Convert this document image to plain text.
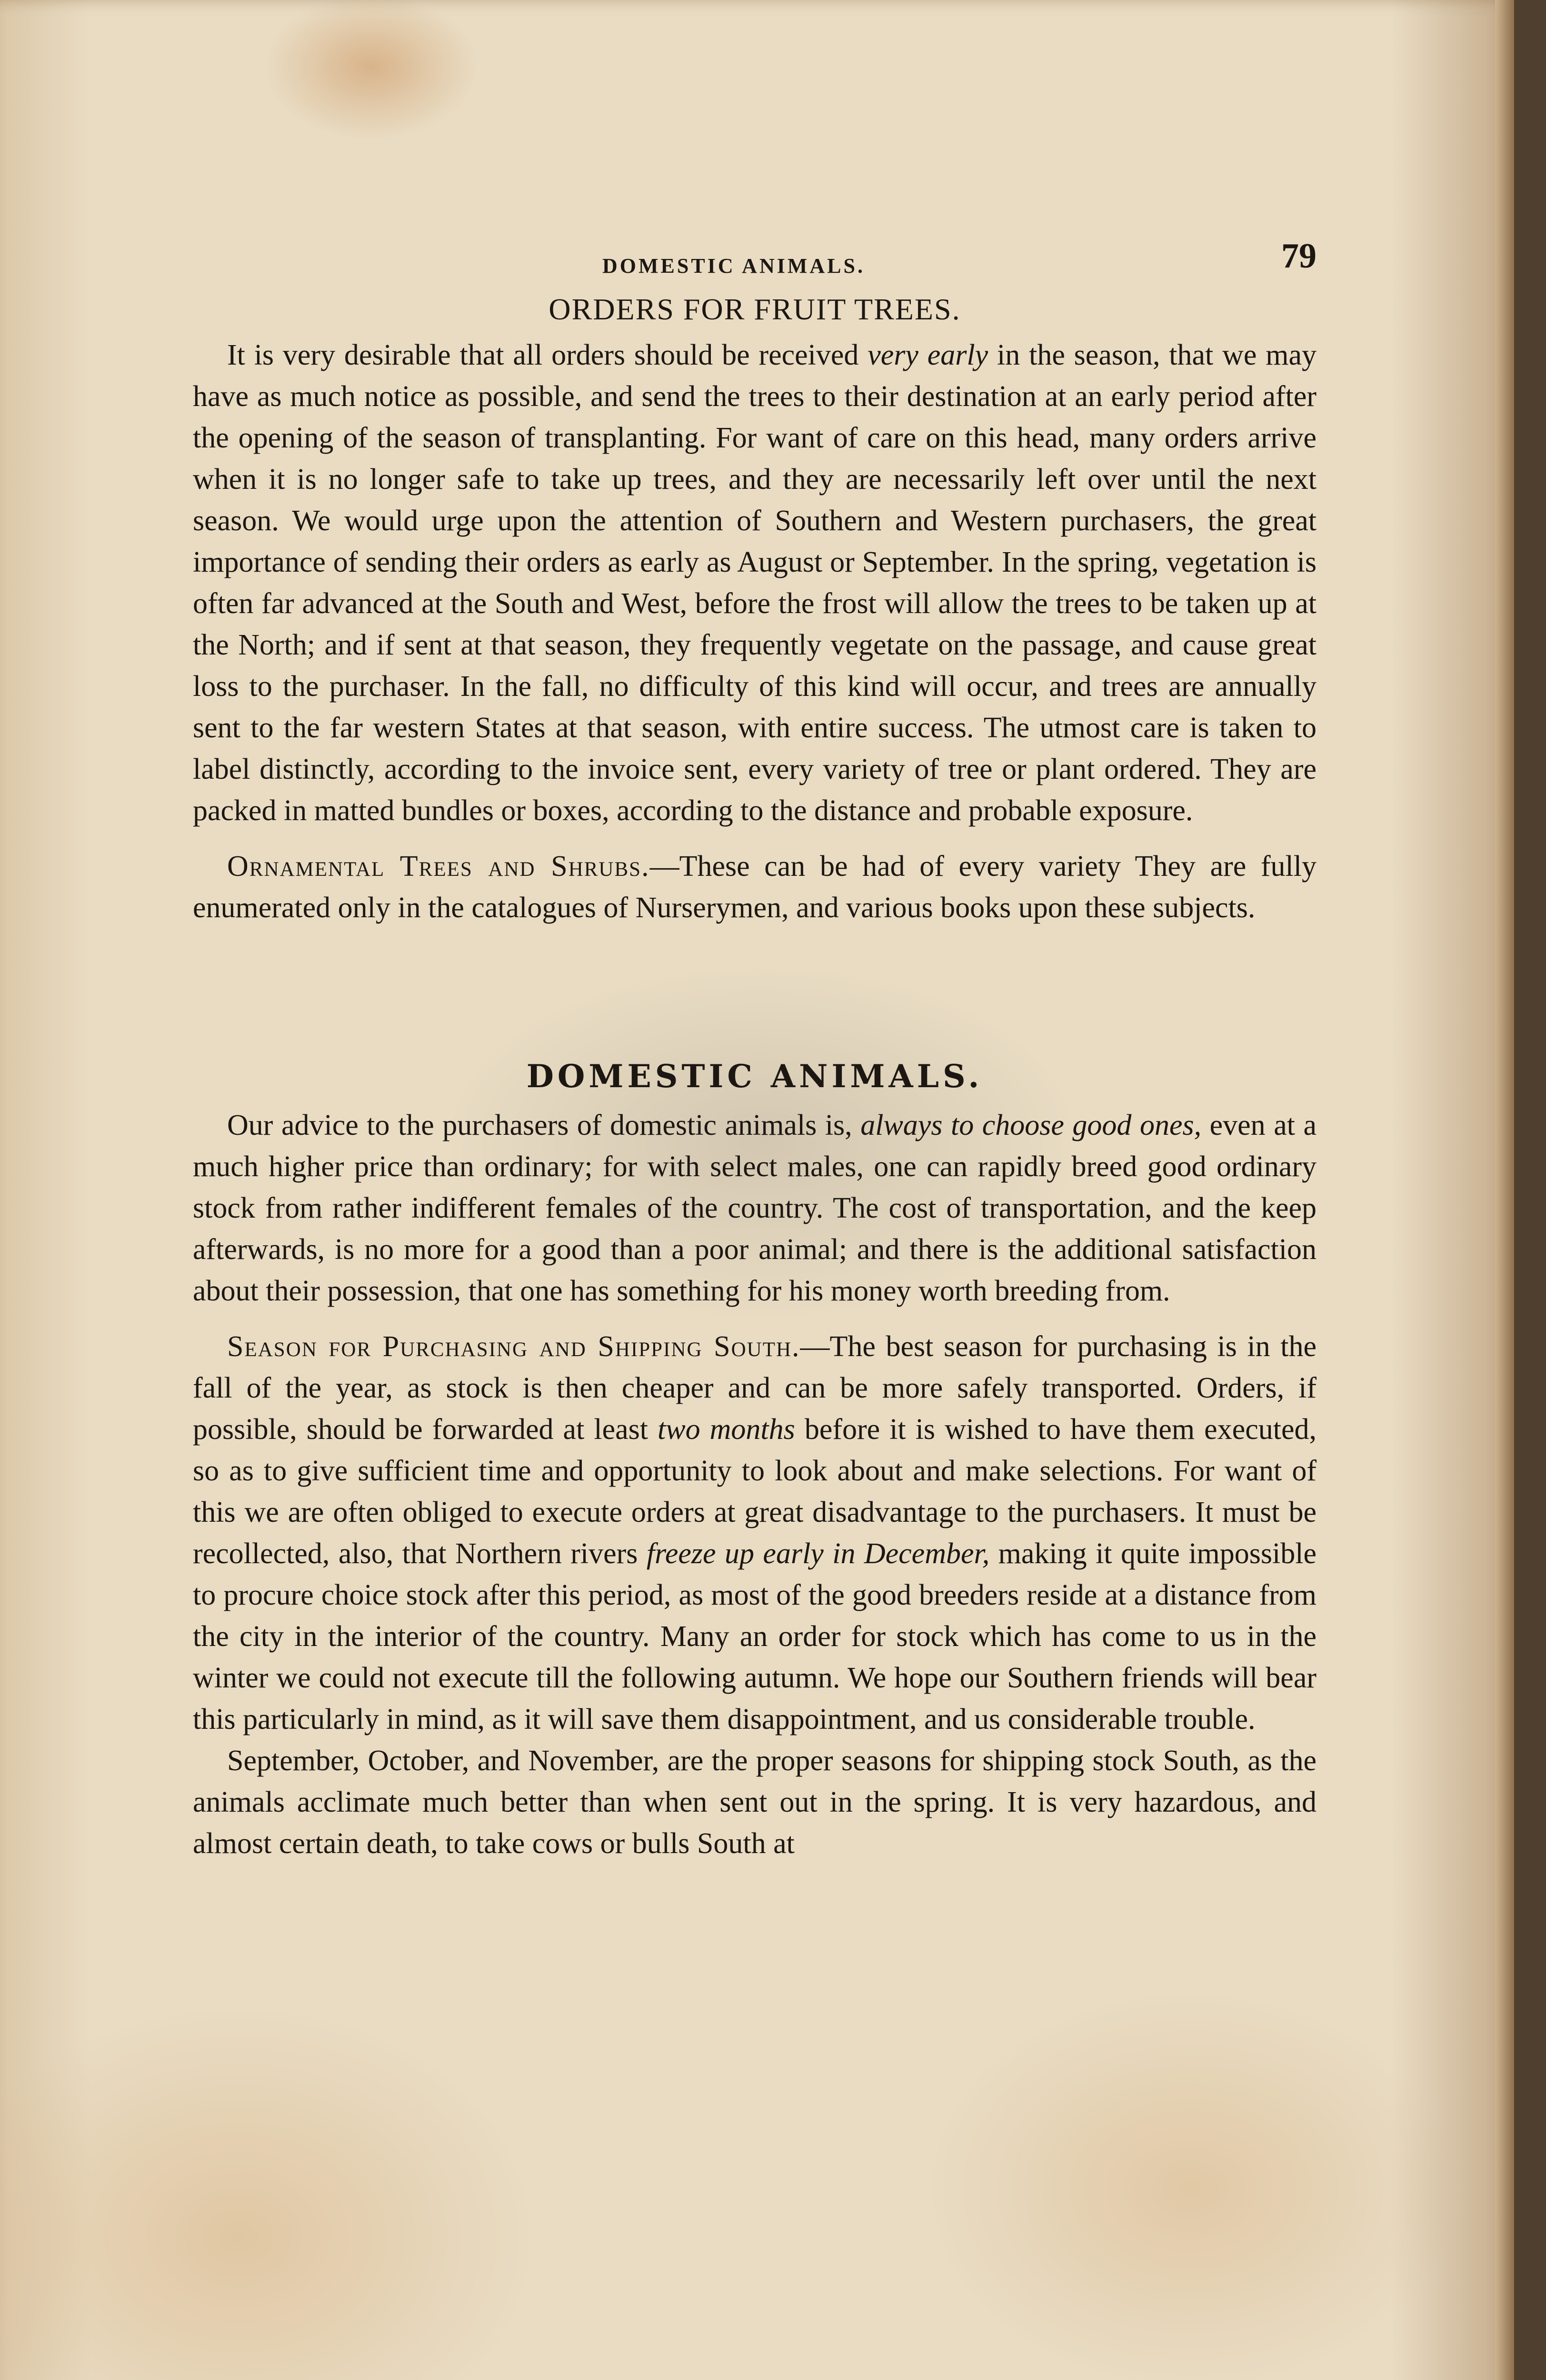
DOMESTIC ANIMALS.	79
ORDERS FOR FRUIT TREES.

It is very desirable that all orders should be received very early in the season, that we may have as much notice as possible, and send the trees to their destination at an early period after the opening of the season of transplanting. For want of care on this head, many orders arrive when it is no longer safe to take up trees, and they are necessarily left over until the next season. We would urge upon the attention of Southern and Western purchasers, the great importance of sending their orders as early as August or September. In the spring, vegetation is often far advanced at the South and West, before the frost will allow the trees to be taken up at the North; and if sent at that season, they frequently vegetate on the passage, and cause great loss to the purchaser. In the fall, no difficulty of this kind will occur, and trees are annually sent to the far western States at that season, with entire success. The utmost care is taken to label distinctly, according to the invoice sent, every variety of tree or plant ordered. They are packed in matted bundles or boxes, according to the distance and probable exposure.

Ornamental Trees and Shrubs.—These can be had of every variety They are fully enumerated only in the catalogues of Nurserymen, and various books upon these subjects.

DOMESTIC ANIMALS.

Our advice to the purchasers of domestic animals is, always to choose good ones, even at a much higher price than ordinary; for with select males, one can rapidly breed good ordinary stock from rather indifferent females of the country. The cost of transportation, and the keep afterwards, is no more for a good than a poor animal; and there is the additional satisfaction about their possession, that one has something for his money worth breeding from.

Season for Purchasing and Shipping South.—The best season for purchasing is in the fall of the year, as stock is then cheaper and can be more safely transported. Orders, if possible, should be forwarded at least two months before it is wished to have them executed, so as to give sufficient time and opportunity to look about and make selections. For want of this we are often obliged to execute orders at great disadvantage to the purchasers. It must be recollected, also, that Northern rivers freeze up early in December, making it quite impossible to procure choice stock after this period, as most of the good breeders reside at a distance from the city in the interior of the country. Many an order for stock which has come to us in the winter we could not execute till the following autumn. We hope our Southern friends will bear this particularly in mind, as it will save them disappointment, and us considerable trouble.

September, October, and November, are the proper seasons for shipping stock South, as the animals acclimate much better than when sent out in the spring. It is very hazardous, and almost certain death, to take cows or bulls South at
